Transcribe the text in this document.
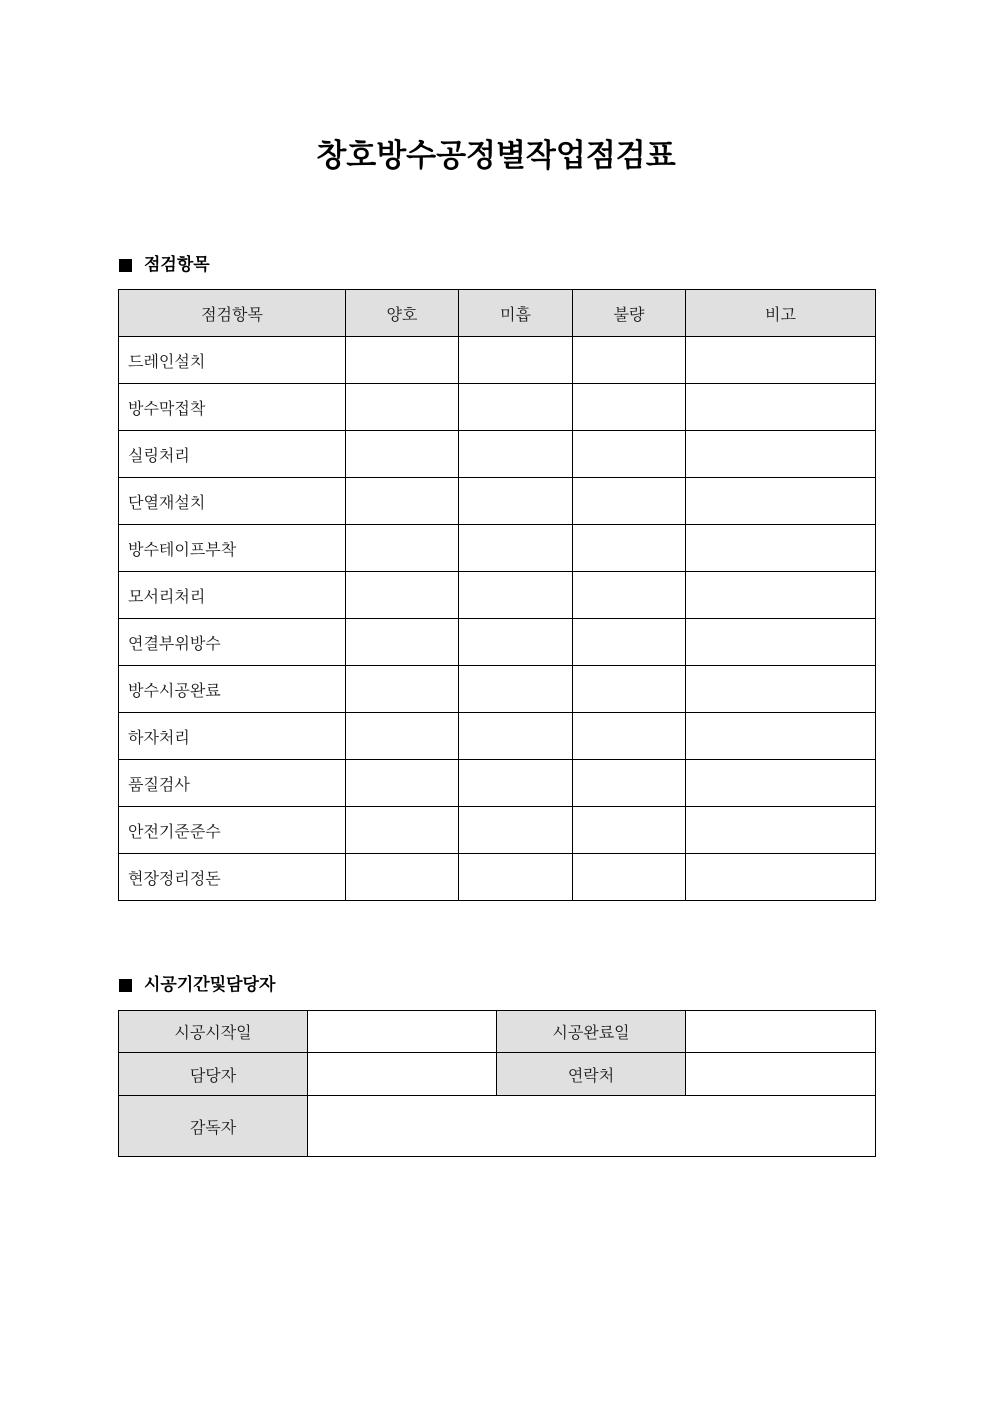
창호방수공정별작업점검표
점검항목
점검항목	양호	미흡	불량	비고
드레인설치				
방수막접착				
실링처리				
단열재설치				
방수테이프부착				
모서리처리				
연결부위방수				
방수시공완료				
하자처리				
품질검사				
안전기준준수				
현장정리정돈				
시공기간및담당자
시공시작일		시공완료일	
담당자		연락처	
감독자			
